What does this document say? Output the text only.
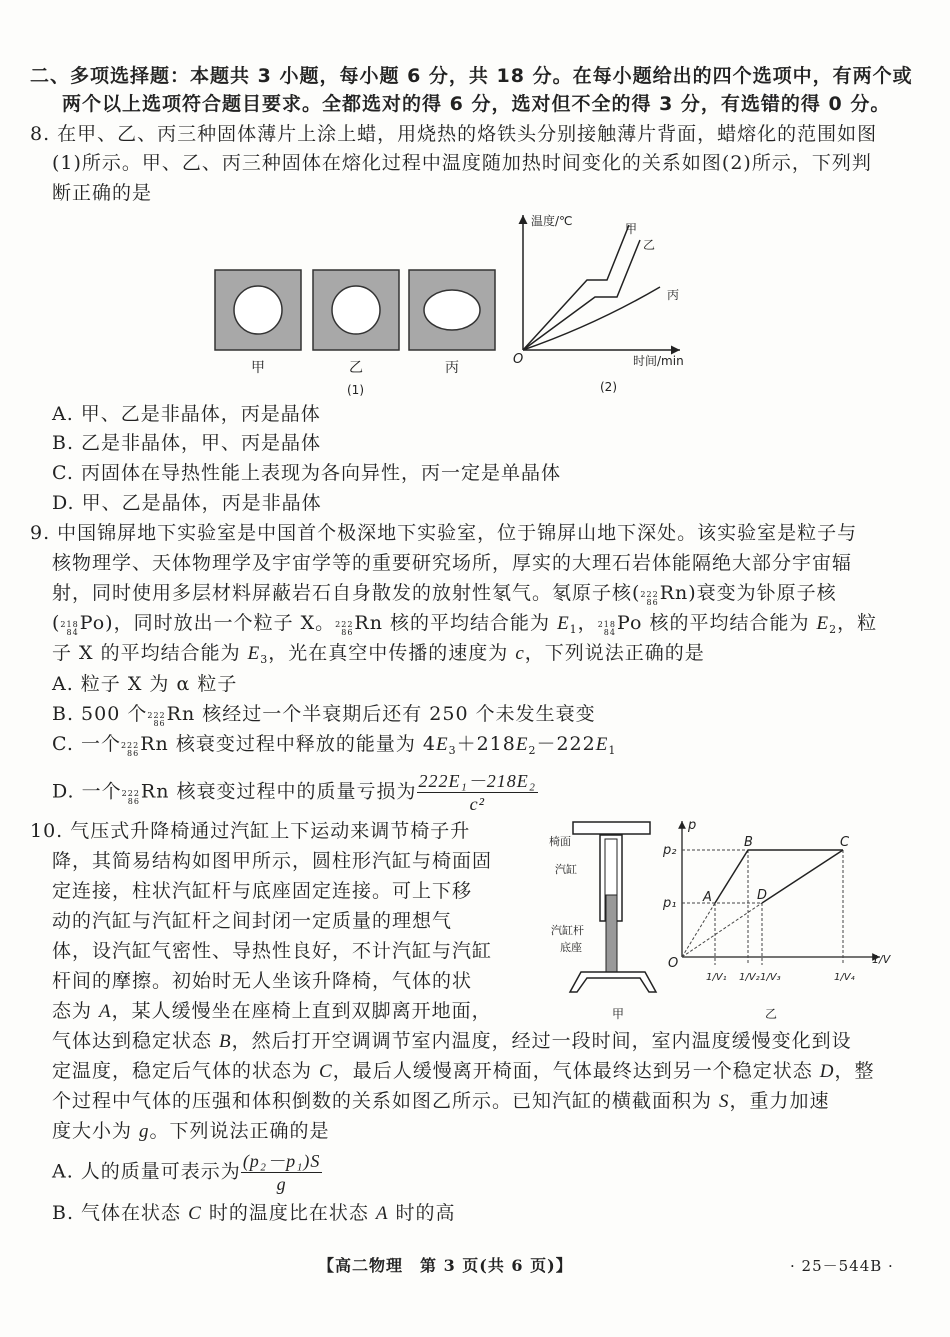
二、多项选择题：本题共 3 小题，每小题 6 分，共 18 分。在每小题给出的四个选项中，有两个或
两个以上选项符合题目要求。全都选对的得 6 分，选对但不全的得 3 分，有选错的得 0 分。
8. 在甲、乙、丙三种固体薄片上涂上蜡，用烧热的烙铁头分别接触薄片背面，蜡熔化的范围如图
(1)所示。甲、乙、丙三种固体在熔化过程中温度随加热时间变化的关系如图(2)所示，下列判
断正确的是
甲	乙	丙
(1)
温度/℃
时间/min
O
甲
乙
丙
(2)
A. 甲、乙是非晶体，丙是晶体
B. 乙是非晶体，甲、丙是晶体
C. 丙固体在导热性能上表现为各向异性，丙一定是单晶体
D. 甲、乙是晶体，丙是非晶体
9. 中国锦屏地下实验室是中国首个极深地下实验室，位于锦屏山地下深处。该实验室是粒子与
核物理学、天体物理学及宇宙学等的重要研究场所，厚实的大理石岩体能隔绝大部分宇宙辐
射，同时使用多层材料屏蔽岩石自身散发的放射性氡气。氡原子核( 222
86 Rn)衰变为钋原子核
( 218
84 Po)，同时放出一个粒子 X。 222
86 Rn 核的平均结合能为 $E_1$， 218
84 Po 核的平均结合能为 $E_2$，粒
子 X 的平均结合能为 $E_3$，光在真空中传播的速度为 c，下列说法正确的是
A. 粒子 X 为 α 粒子
B. 500 个 222
86 Rn 核经过一个半衰期后还有 250 个未发生衰变
C. 一个 222
86 Rn 核衰变过程中释放的能量为 $4E_3+218E_2-222E_1$
D. 一个 222
86 Rn 核衰变过程中的质量亏损为 $\frac{\text{222E₁－218E₂}}{\text{c²}}$
10. 气压式升降椅通过汽缸上下运动来调节椅子升
降，其简易结构如图甲所示，圆柱形汽缸与椅面固
定连接，柱状汽缸杆与底座固定连接。可上下移
动的汽缸与汽缸杆之间封闭一定质量的理想气
体，设汽缸气密性、导热性良好，不计汽缸与汽缸
杆间的摩擦。初始时无人坐该升降椅，气体的状
态为 A，某人缓慢坐在座椅上直到双脚离开地面，
气体达到稳定状态 B，然后打开空调调节室内温度，经过一段时间，室内温度缓慢变化到设
定温度，稳定后气体的状态为 C，最后人缓慢离开椅面，气体最终达到另一个稳定状态 D，整
个过程中气体的压强和体积倒数的关系如图乙所示。已知汽缸的横截面积为 S，重力加速
度大小为 g。下列说法正确的是
椅面
汽缸
汽缸杆
底座
甲
A
B	C
D
p₂
p₁
p
1/V
O
1/V₁ 1/V₂ 1/V₃	1/V₄
乙
A. 人的质量可表示为 $\frac{\text{(p₂－p₁)S}}{g}$
B. 气体在状态 C 时的温度比在状态 A 时的高
【高二物理　第 3 页(共 6 页)】	· 25－544B ·
